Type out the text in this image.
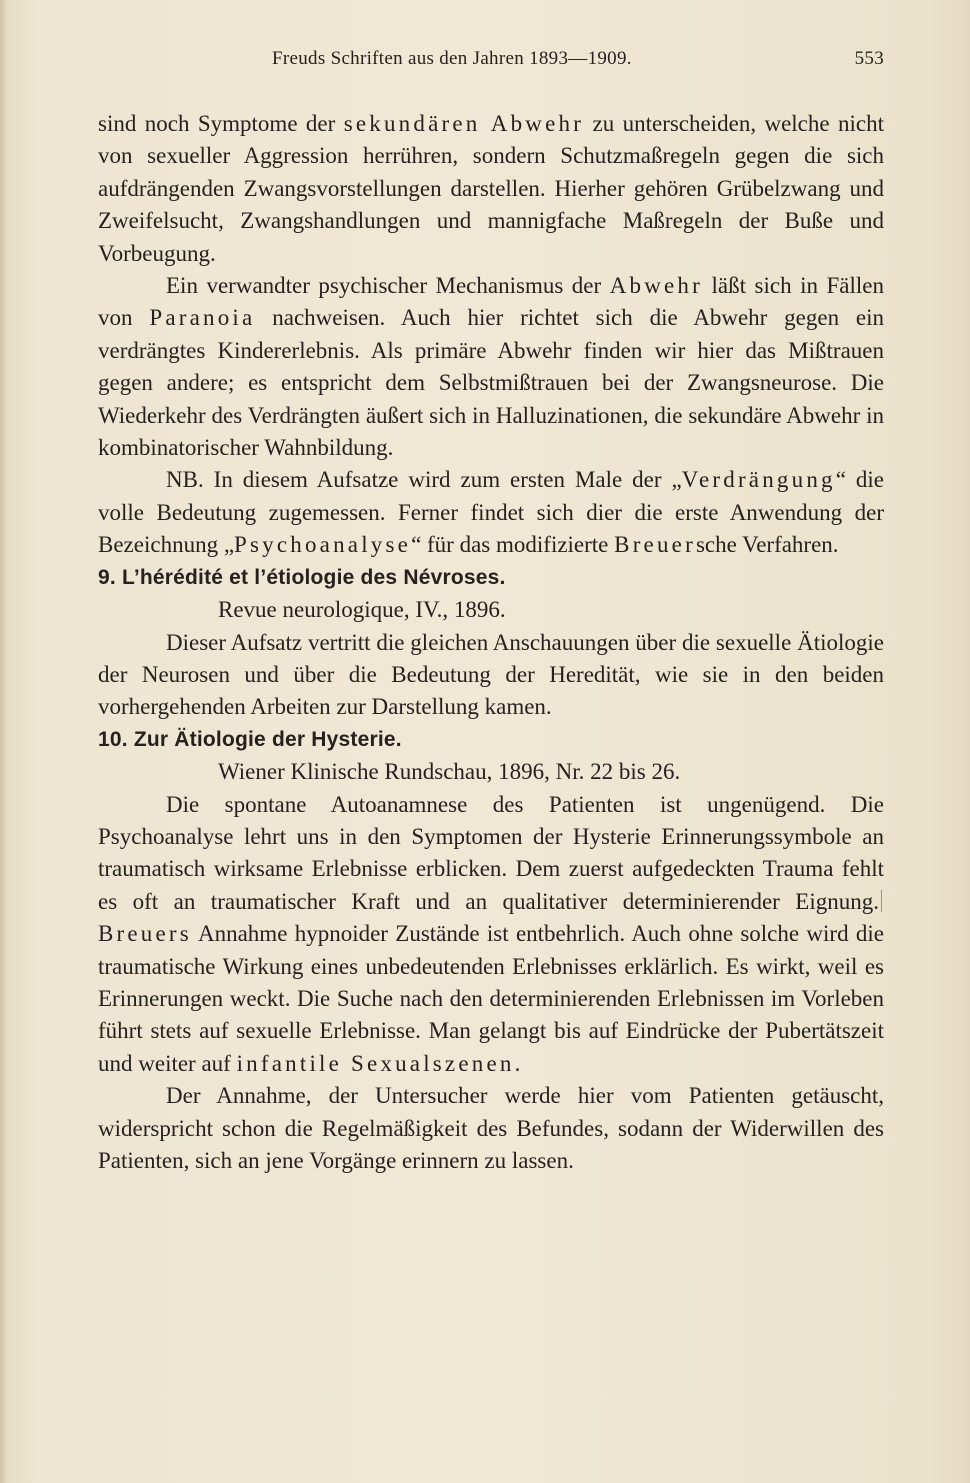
Freuds Schriften aus den Jahren 1893—1909.	553

sind noch Symptome der sekundären Abwehr zu unterscheiden, welche nicht von sexueller Aggression herrühren, sondern Schutzmaßregeln gegen die sich aufdrängenden Zwangsvorstellungen darstellen. Hierher gehören Grübelzwang und Zweifelsucht, Zwangshandlungen und mannigfache Maßregeln der Buße und Vorbeugung.

Ein verwandter psychischer Mechanismus der Abwehr läßt sich in Fällen von Paranoia nachweisen. Auch hier richtet sich die Abwehr gegen ein verdrängtes Kindererlebnis. Als primäre Abwehr finden wir hier das Mißtrauen gegen andere; es entspricht dem Selbstmißtrauen bei der Zwangsneurose. Die Wiederkehr des Verdrängten äußert sich in Halluzinationen, die sekundäre Abwehr in kombinatorischer Wahnbildung.

NB. In diesem Aufsatze wird zum ersten Male der „Verdrängung“ die volle Bedeutung zugemessen. Ferner findet sich dier die erste Anwendung der Bezeichnung „Psychoanalyse“ für das modifizierte Breuersche Verfahren.

9. L’hérédité et l’étiologie des Névroses.

Revue neurologique, IV., 1896.

Dieser Aufsatz vertritt die gleichen Anschauungen über die sexuelle Ätiologie der Neurosen und über die Bedeutung der Heredität, wie sie in den beiden vorhergehenden Arbeiten zur Darstellung kamen.

10. Zur Ätiologie der Hysterie.

Wiener Klinische Rundschau, 1896, Nr. 22 bis 26.

Die spontane Autoanamnese des Patienten ist ungenügend. Die Psychoanalyse lehrt uns in den Symptomen der Hysterie Erinnerungssymbole an traumatisch wirksame Erlebnisse erblicken. Dem zuerst aufgedeckten Trauma fehlt es oft an traumatischer Kraft und an qualitativer determinierender Eignung.Breuers Annahme hypnoider Zustände ist entbehrlich. Auch ohne solche wird die traumatische Wirkung eines unbedeutenden Erlebnisses erklärlich. Es wirkt, weil es Erinnerungen weckt. Die Suche nach den determinierenden Erlebnissen im Vorleben führt stets auf sexuelle Erlebnisse. Man gelangt bis auf Eindrücke der Pubertätszeit und weiter auf infantile Sexualszenen.

Der Annahme, der Untersucher werde hier vom Patienten getäuscht, widerspricht schon die Regelmäßigkeit des Befundes, sodann der Widerwillen des Patienten, sich an jene Vorgänge erinnern zu lassen.
